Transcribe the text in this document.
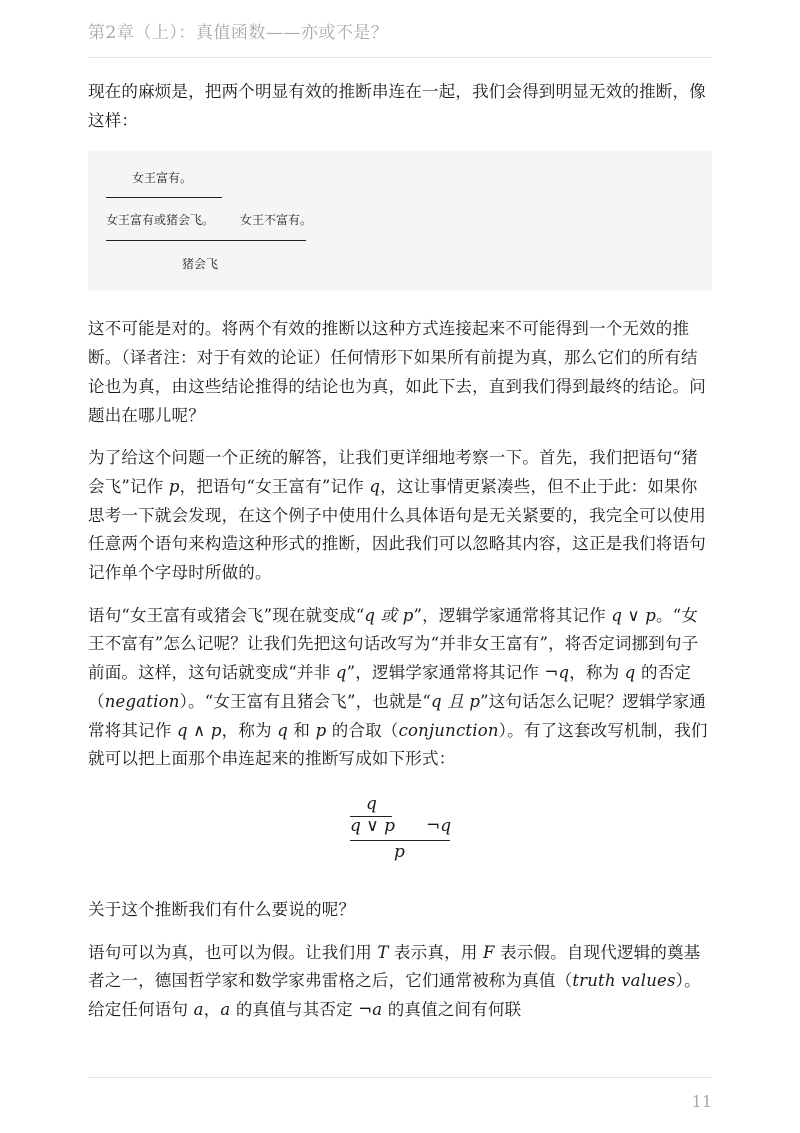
第2章（上）：真值函数——亦或不是？

现在的麻烦是，把两个明显有效的推断串连在一起，我们会得到明显无效的推断，像这样：

女王富有。
女王富有或猪会飞。 女王不富有。
猪会飞

这不可能是对的。将两个有效的推断以这种方式连接起来不可能得到一个无效的推断。（译者注：对于有效的论证）任何情形下如果所有前提为真，那么它们的所有结论也为真，由这些结论推得的结论也为真，如此下去，直到我们得到最终的结论。问题出在哪儿呢？

为了给这个问题一个正统的解答，让我们更详细地考察一下。首先，我们把语句“猪会飞”记作 p，把语句“女王富有”记作 q，这让事情更紧凑些，但不止于此：如果你思考一下就会发现，在这个例子中使用什么具体语句是无关紧要的，我完全可以使用任意两个语句来构造这种形式的推断，因此我们可以忽略其内容，这正是我们将语句记作单个字母时所做的。

语句“女王富有或猪会飞”现在就变成“q 或 p”，逻辑学家通常将其记作 q ∨ p。“女王不富有”怎么记呢？让我们先把这句话改写为“并非女王富有”，将否定词挪到句子前面。这样，这句话就变成“并非 q”，逻辑学家通常将其记作 ¬q，称为 q 的否定（negation）。“女王富有且猪会飞”，也就是“q 且 p”这句话怎么记呢？逻辑学家通常将其记作 q ∧ p，称为 q 和 p 的合取（conjunction）。有了这套改写机制，我们就可以把上面那个串连起来的推断写成如下形式：

q
q ∨ p ¬q
p

关于这个推断我们有什么要说的呢？

语句可以为真，也可以为假。让我们用 T 表示真，用 F 表示假。自现代逻辑的奠基者之一，德国哲学家和数学家弗雷格之后，它们通常被称为真值（truth values）。给定任何语句 a，a 的真值与其否定 ¬a 的真值之间有何联

11
